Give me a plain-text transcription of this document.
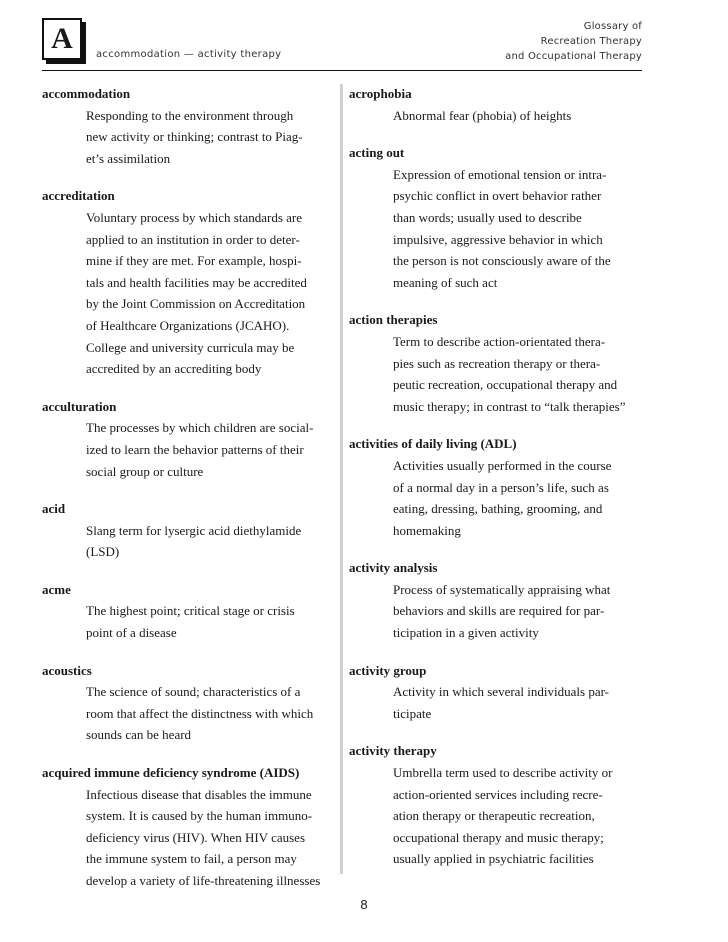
A accommodation — activity therapy
Glossary of
Recreation Therapy
and Occupational Therapy
accommodation
Responding to the environment through
new activity or thinking; contrast to Piag-
et’s assimilation
accreditation
Voluntary process by which standards are
applied to an institution in order to deter-
mine if they are met. For example, hospi-
tals and health facilities may be accredited
by the Joint Commission on Accreditation
of Healthcare Organizations (JCAHO).
College and university curricula may be
accredited by an accrediting body
acculturation
The processes by which children are social-
ized to learn the behavior patterns of their
social group or culture
acid
Slang term for lysergic acid diethylamide
(LSD)
acme
The highest point; critical stage or crisis
point of a disease
acoustics
The science of sound; characteristics of a
room that affect the distinctness with which
sounds can be heard
acquired immune deficiency syndrome (AIDS)
Infectious disease that disables the immune
system. It is caused by the human immuno-
deficiency virus (HIV). When HIV causes
the immune system to fail, a person may
develop a variety of life-threatening illnesses
acrophobia
Abnormal fear (phobia) of heights
acting out
Expression of emotional tension or intra-
psychic conflict in overt behavior rather
than words; usually used to describe
impulsive, aggressive behavior in which
the person is not consciously aware of the
meaning of such act
action therapies
Term to describe action-orientated thera-
pies such as recreation therapy or thera-
peutic recreation, occupational therapy and
music therapy; in contrast to “talk therapies”
activities of daily living (ADL)
Activities usually performed in the course
of a normal day in a person’s life, such as
eating, dressing, bathing, grooming, and
homemaking
activity analysis
Process of systematically appraising what
behaviors and skills are required for par-
ticipation in a given activity
activity group
Activity in which several individuals par-
ticipate
activity therapy
Umbrella term used to describe activity or
action-oriented services including recre-
ation therapy or therapeutic recreation,
occupational therapy and music therapy;
usually applied in psychiatric facilities
8
